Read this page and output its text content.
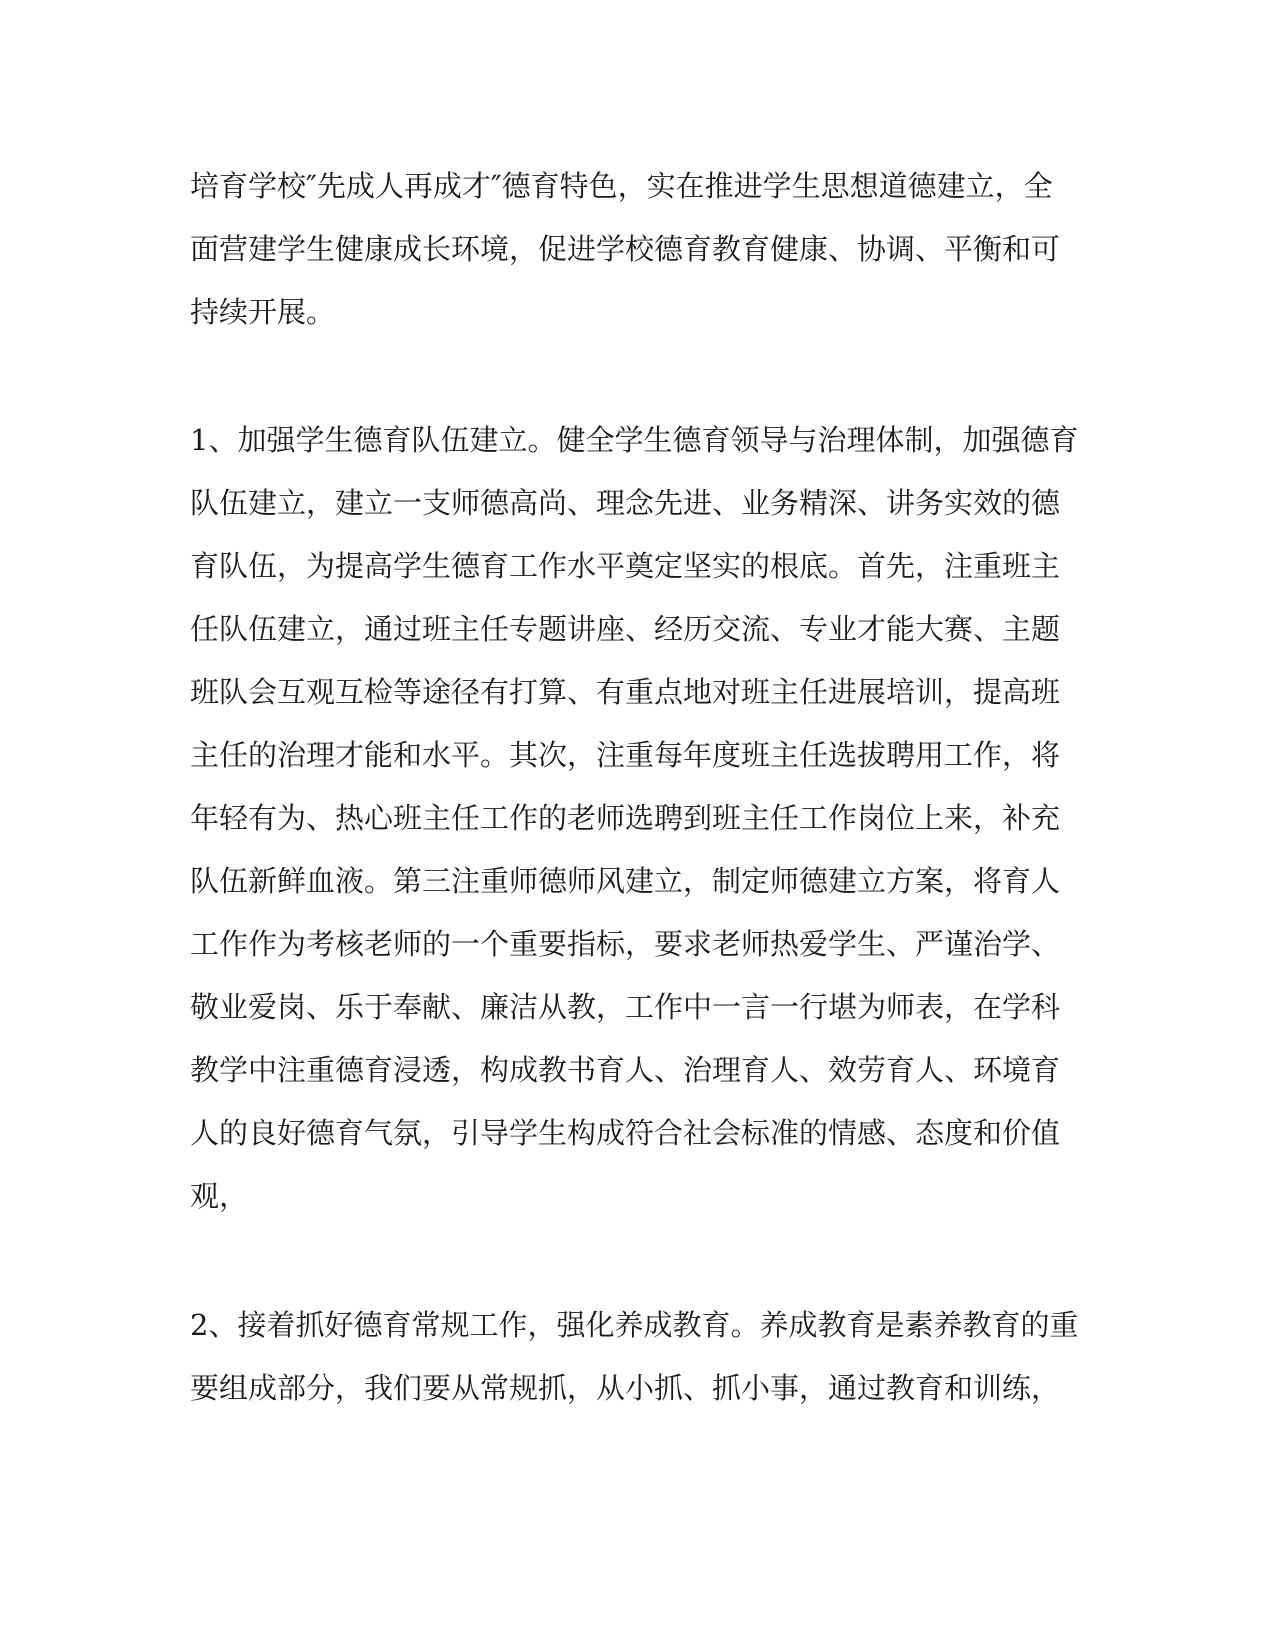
培育学校″先成人再成才″德育特色，实在推进学生思想道德建立，全
面营建学生健康成长环境，促进学校德育教育健康、协调、平衡和可
持续开展。

1、加强学生德育队伍建立。健全学生德育领导与治理体制，加强德育
队伍建立，建立一支师德高尚、理念先进、业务精深、讲务实效的德
育队伍，为提高学生德育工作水平奠定坚实的根底。首先，注重班主
任队伍建立，通过班主任专题讲座、经历交流、专业才能大赛、主题
班队会互观互检等途径有打算、有重点地对班主任进展培训，提高班
主任的治理才能和水平。其次，注重每年度班主任选拔聘用工作，将
年轻有为、热心班主任工作的老师选聘到班主任工作岗位上来，补充
队伍新鲜血液。第三注重师德师风建立，制定师德建立方案，将育人
工作作为考核老师的一个重要指标，要求老师热爱学生、严谨治学、
敬业爱岗、乐于奉献、廉洁从教，工作中一言一行堪为师表，在学科
教学中注重德育浸透，构成教书育人、治理育人、效劳育人、环境育
人的良好德育气氛，引导学生构成符合社会标准的情感、态度和价值
观，

2、接着抓好德育常规工作，强化养成教育。养成教育是素养教育的重
要组成部分，我们要从常规抓，从小抓、抓小事，通过教育和训练，
